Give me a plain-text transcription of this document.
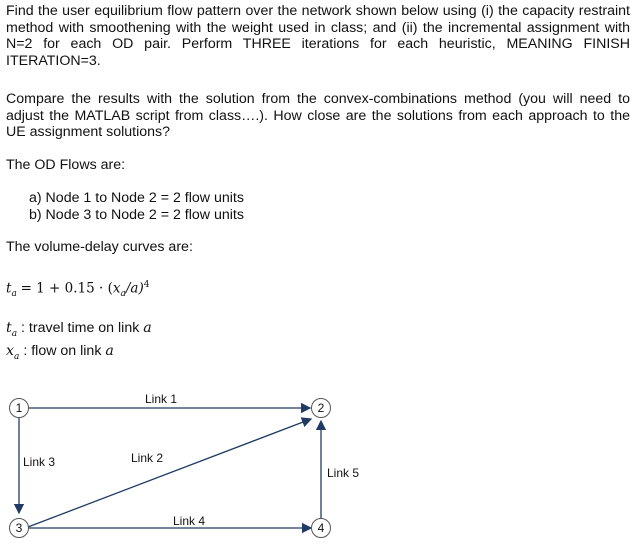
Find the user equilibrium flow pattern over the network shown below using (i) the capacity restraint method with smoothening with the weight used in class; and (ii) the incremental assignment with N=2 for each OD pair. Perform THREE iterations for each heuristic, MEANING FINISH ITERATION=3.

Compare the results with the solution from the convex-combinations method (you will need to adjust the MATLAB script from class….). How close are the solutions from each approach to the UE assignment solutions?

The OD Flows are:

a) Node 1 to Node 2 = 2 flow units

b) Node 3 to Node 2 = 2 flow units

The volume-delay curves are:

$t_a = 1 + 0.15 \cdot (x_a/a)^4$

$t_a$ : travel time on link a

$x_a$ : flow on link a

1	2
3	4
Link 1
Link 2
Link 3
Link 4
Link 5
